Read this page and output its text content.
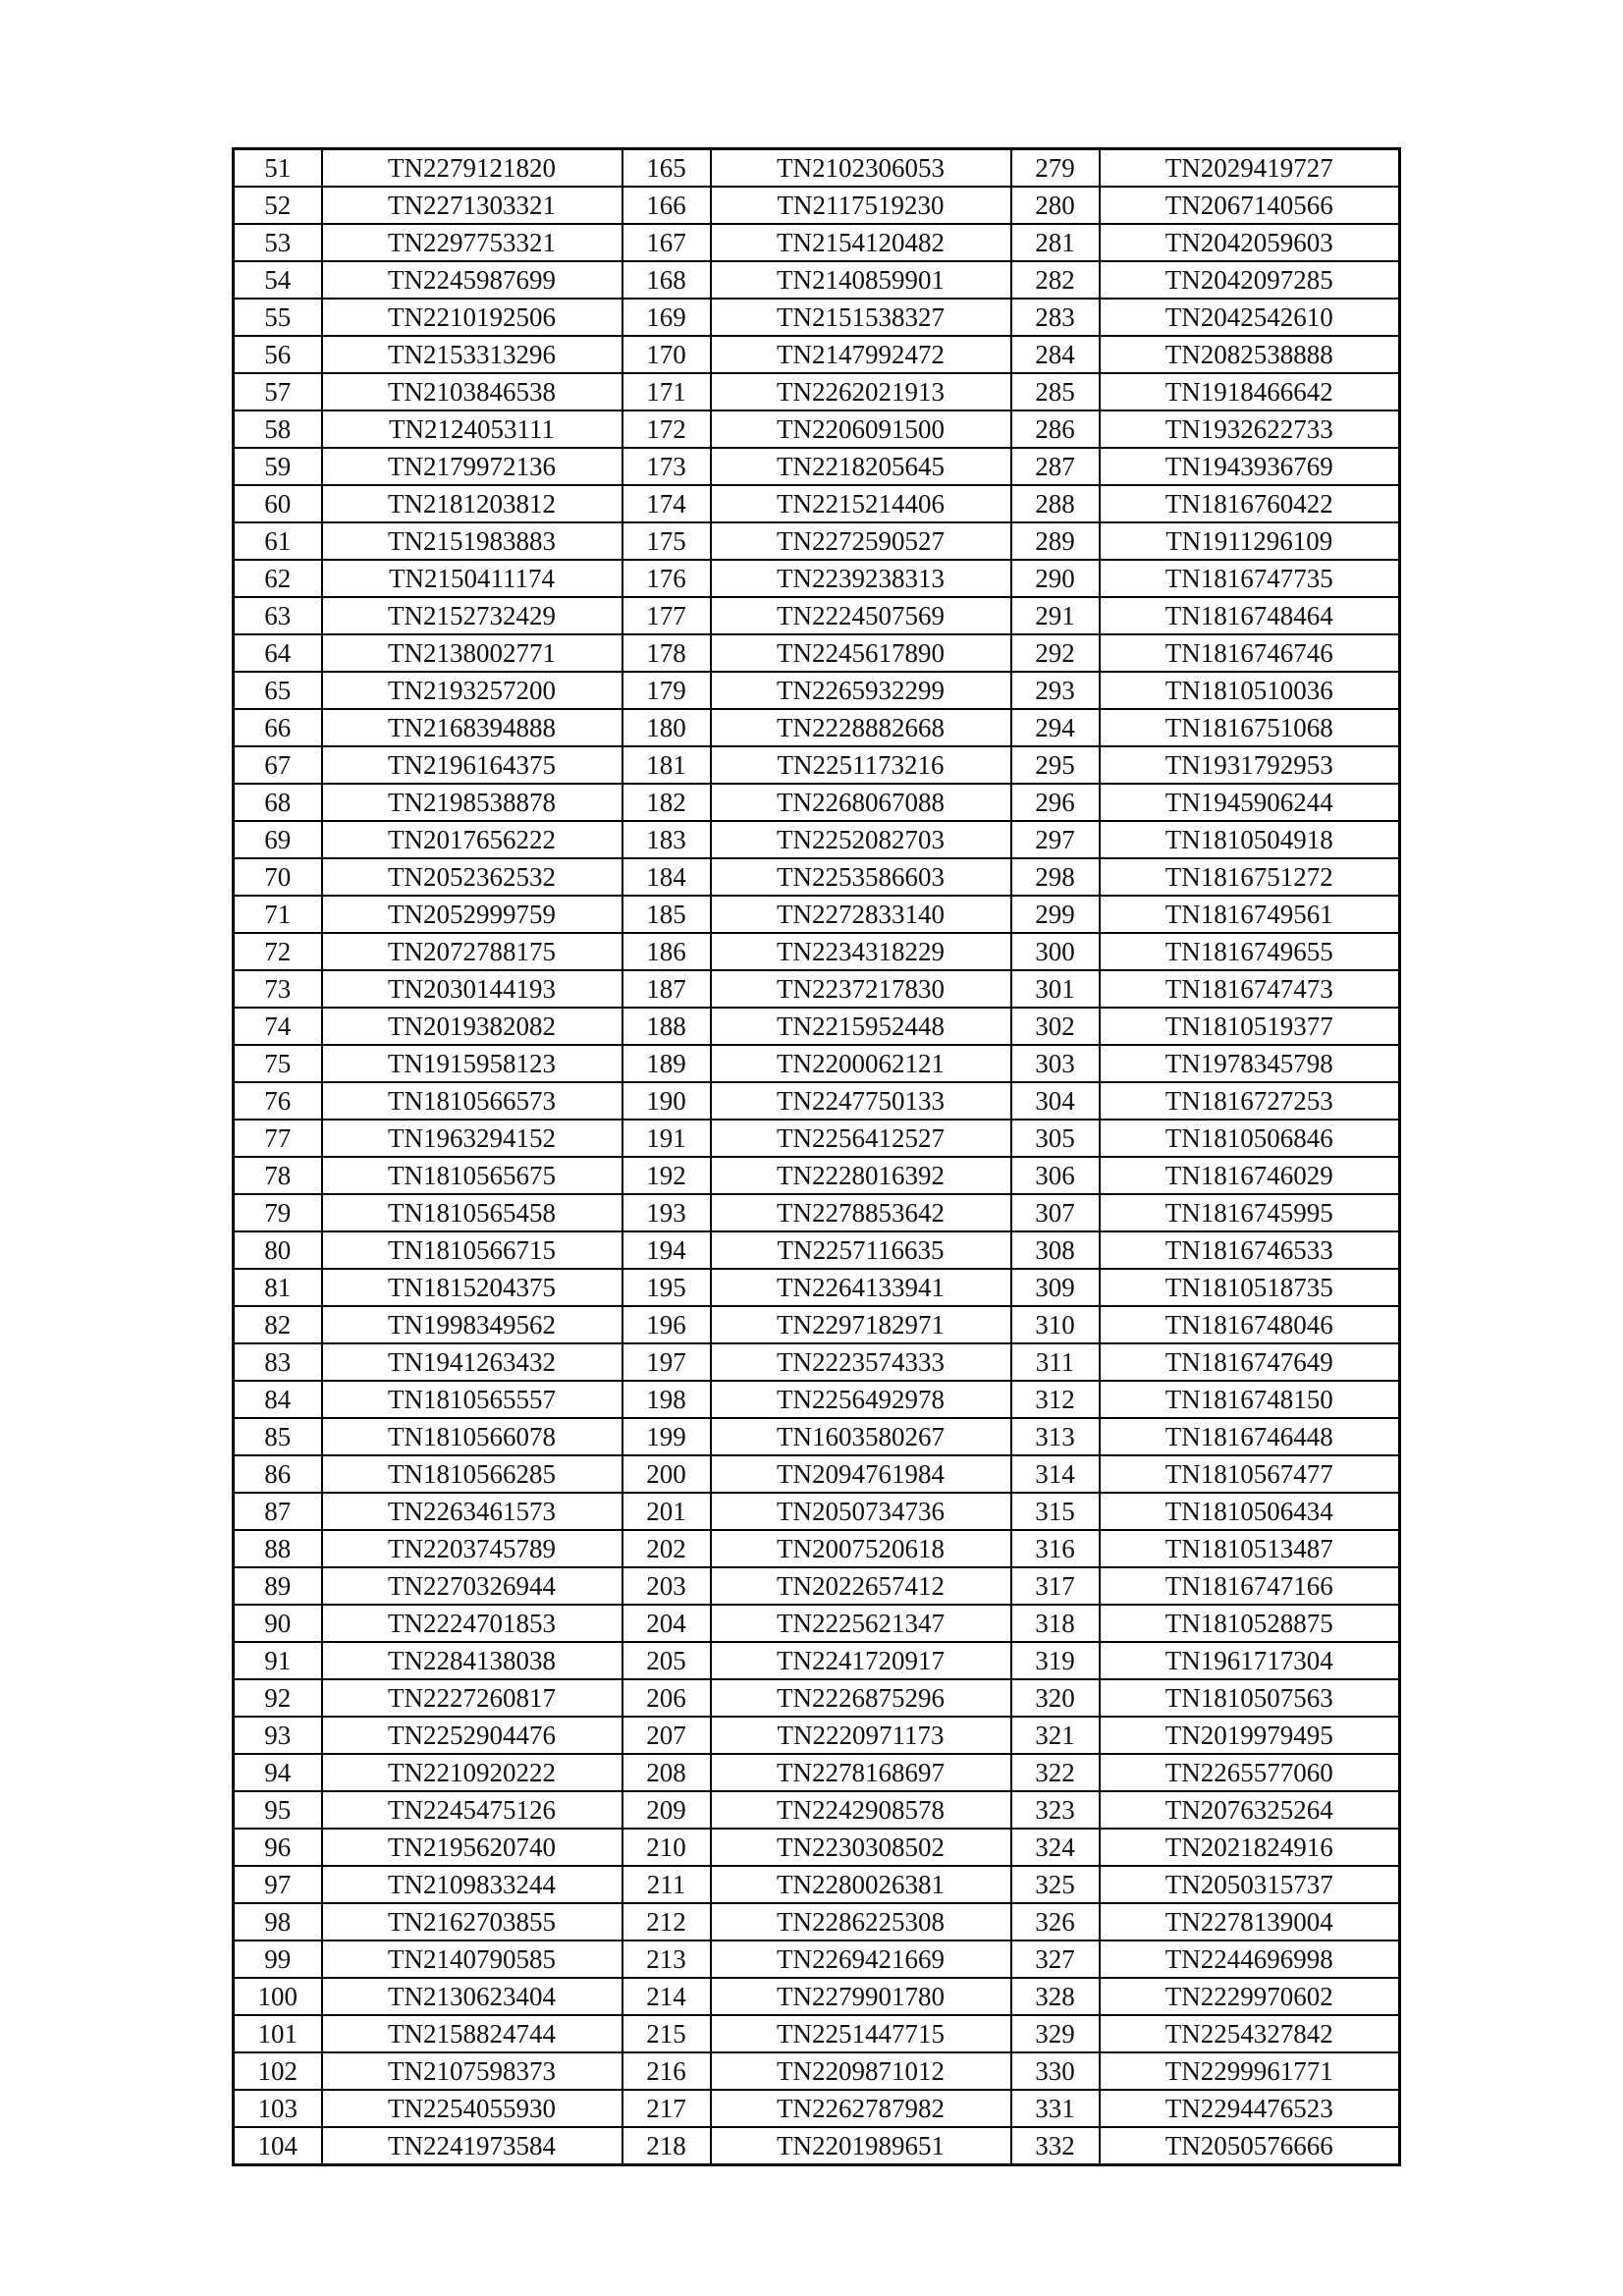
51	TN2279121820	165	TN2102306053	279	TN2029419727
52	TN2271303321	166	TN2117519230	280	TN2067140566
53	TN2297753321	167	TN2154120482	281	TN2042059603
54	TN2245987699	168	TN2140859901	282	TN2042097285
55	TN2210192506	169	TN2151538327	283	TN2042542610
56	TN2153313296	170	TN2147992472	284	TN2082538888
57	TN2103846538	171	TN2262021913	285	TN1918466642
58	TN2124053111	172	TN2206091500	286	TN1932622733
59	TN2179972136	173	TN2218205645	287	TN1943936769
60	TN2181203812	174	TN2215214406	288	TN1816760422
61	TN2151983883	175	TN2272590527	289	TN1911296109
62	TN2150411174	176	TN2239238313	290	TN1816747735
63	TN2152732429	177	TN2224507569	291	TN1816748464
64	TN2138002771	178	TN2245617890	292	TN1816746746
65	TN2193257200	179	TN2265932299	293	TN1810510036
66	TN2168394888	180	TN2228882668	294	TN1816751068
67	TN2196164375	181	TN2251173216	295	TN1931792953
68	TN2198538878	182	TN2268067088	296	TN1945906244
69	TN2017656222	183	TN2252082703	297	TN1810504918
70	TN2052362532	184	TN2253586603	298	TN1816751272
71	TN2052999759	185	TN2272833140	299	TN1816749561
72	TN2072788175	186	TN2234318229	300	TN1816749655
73	TN2030144193	187	TN2237217830	301	TN1816747473
74	TN2019382082	188	TN2215952448	302	TN1810519377
75	TN1915958123	189	TN2200062121	303	TN1978345798
76	TN1810566573	190	TN2247750133	304	TN1816727253
77	TN1963294152	191	TN2256412527	305	TN1810506846
78	TN1810565675	192	TN2228016392	306	TN1816746029
79	TN1810565458	193	TN2278853642	307	TN1816745995
80	TN1810566715	194	TN2257116635	308	TN1816746533
81	TN1815204375	195	TN2264133941	309	TN1810518735
82	TN1998349562	196	TN2297182971	310	TN1816748046
83	TN1941263432	197	TN2223574333	311	TN1816747649
84	TN1810565557	198	TN2256492978	312	TN1816748150
85	TN1810566078	199	TN1603580267	313	TN1816746448
86	TN1810566285	200	TN2094761984	314	TN1810567477
87	TN2263461573	201	TN2050734736	315	TN1810506434
88	TN2203745789	202	TN2007520618	316	TN1810513487
89	TN2270326944	203	TN2022657412	317	TN1816747166
90	TN2224701853	204	TN2225621347	318	TN1810528875
91	TN2284138038	205	TN2241720917	319	TN1961717304
92	TN2227260817	206	TN2226875296	320	TN1810507563
93	TN2252904476	207	TN2220971173	321	TN2019979495
94	TN2210920222	208	TN2278168697	322	TN2265577060
95	TN2245475126	209	TN2242908578	323	TN2076325264
96	TN2195620740	210	TN2230308502	324	TN2021824916
97	TN2109833244	211	TN2280026381	325	TN2050315737
98	TN2162703855	212	TN2286225308	326	TN2278139004
99	TN2140790585	213	TN2269421669	327	TN2244696998
100	TN2130623404	214	TN2279901780	328	TN2229970602
101	TN2158824744	215	TN2251447715	329	TN2254327842
102	TN2107598373	216	TN2209871012	330	TN2299961771
103	TN2254055930	217	TN2262787982	331	TN2294476523
104	TN2241973584	218	TN2201989651	332	TN2050576666
